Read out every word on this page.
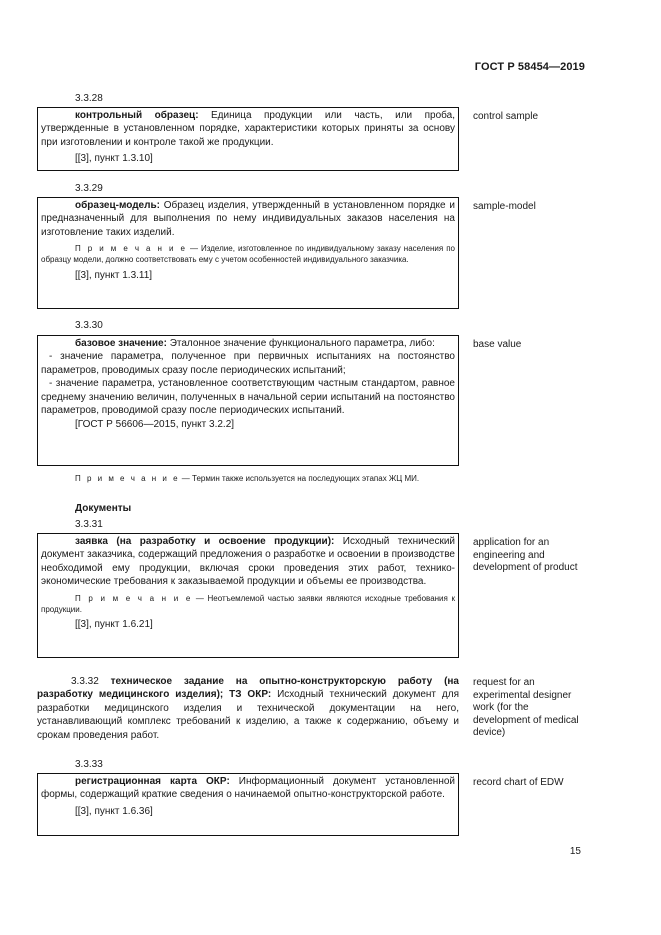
ГОСТ Р 58454—2019
3.3.28

контрольный образец: Единица продукции или часть, или проба, утвержденные в установленном порядке, характеристики которых приняты за основу при изготовлении и контроле такой же продукции.

[[3], пункт 1.3.10]

control sample
3.3.29

образец-модель: Образец изделия, утвержденный в установленном порядке и предназначенный для выполнения по нему индивидуальных заказов населения на изготовление таких изделий.

П р и м е ч а н и е — Изделие, изготовленное по индивидуальному заказу населения по образцу модели, должно соответствовать ему с учетом особенностей индивидуального заказчика.

[[3], пункт 1.3.11]

sample-model
3.3.30

базовое значение: Эталонное значение функционального параметра, либо:

- значение параметра, полученное при первичных испытаниях на постоянство параметров, проводимых сразу после периодических испытаний;

- значение параметра, установленное соответствующим частным стандартом, равное среднему значению величин, полученных в начальной серии испытаний на постоянство параметров, проводимой сразу после периодических испытаний.

[ГОСТ Р 56606—2015, пункт 3.2.2]

base value
П р и м е ч а н и е — Термин также используется на последующих этапах ЖЦ МИ.
Документы
3.3.31

заявка (на разработку и освоение продукции): Исходный технический документ заказчика, содержащий предложения о разработке и освоении в производстве необходимой ему продукции, включая сроки проведения этих работ, технико-экономические требования к заказываемой продукции и объемы ее производства.

П р и м е ч а н и е — Неотъемлемой частью заявки являются исходные требования к продукции.

[[3], пункт 1.6.21]

application for an engineering and development of product

3.3.32 техническое задание на опытно-конструкторскую работу (на разработку медицинского изделия); ТЗ ОКР: Исходный технический документ для разработки медицинского изделия и технической документации на него, устанавливающий комплекс требований к изделию, а также к содержанию, объему и срокам проведения работ.

request for an experimental designer work (for the development of medical device)
3.3.33

регистрационная карта ОКР: Информационный документ установленной формы, содержащий краткие сведения о начинаемой опытно-конструкторской работе.

[[3], пункт 1.6.36]

record chart of EDW
15
